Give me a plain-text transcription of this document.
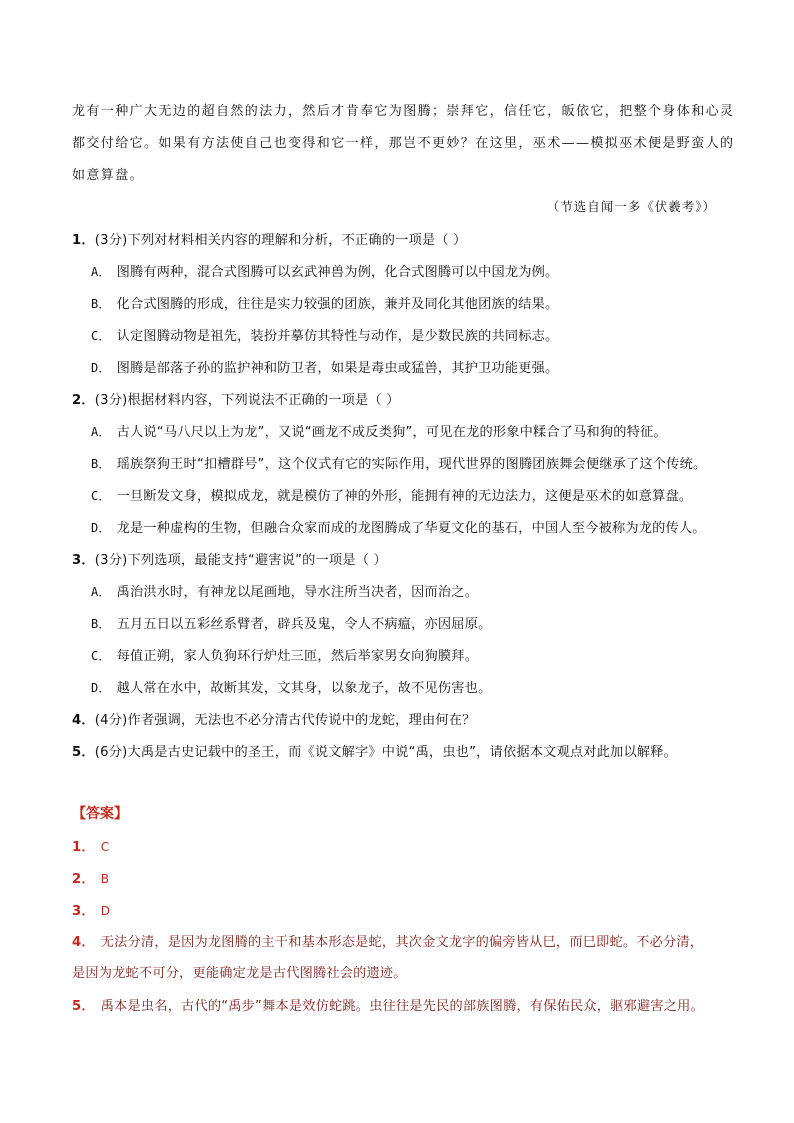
龙有一种广大无边的超自然的法力，然后才肯奉它为图腾；崇拜它，信任它，皈依它，把整个身体和心灵
都交付给它。如果有方法使自己也变得和它一样，那岂不更妙？在这里，巫术——模拟巫术便是野蛮人的
如意算盘。
（节选自闻一多《伏羲考》）
1．(3分)下列对材料相关内容的理解和分析，不正确的一项是（ ）
A． 图腾有两种，混合式图腾可以玄武神兽为例，化合式图腾可以中国龙为例。
B． 化合式图腾的形成，往往是实力较强的团族，兼并及同化其他团族的结果。
C． 认定图腾动物是祖先，装扮并摹仿其特性与动作，是少数民族的共同标志。
D． 图腾是部落子孙的监护神和防卫者，如果是毒虫或猛兽，其护卫功能更强。
2．(3分)根据材料内容，下列说法不正确的一项是（ ）
A． 古人说“马八尺以上为龙”，又说“画龙不成反类狗”，可见在龙的形象中糅合了马和狗的特征。
B． 瑶族祭狗王时“扣槽群号”，这个仪式有它的实际作用，现代世界的图腾团族舞会便继承了这个传统。
C． 一旦断发文身，模拟成龙，就是模仿了神的外形，能拥有神的无边法力，这便是巫术的如意算盘。
D． 龙是一种虚构的生物，但融合众家而成的龙图腾成了华夏文化的基石，中国人至今被称为龙的传人。
3．(3分)下列选项，最能支持“避害说”的一项是（ ）
A． 禹治洪水时，有神龙以尾画地，导水注所当决者，因而治之。
B． 五月五日以五彩丝系臂者，辟兵及鬼，令人不病瘟，亦因屈原。
C． 每值正朔，家人负狗环行炉灶三匝，然后举家男女向狗膜拜。
D． 越人常在水中，故断其发，文其身，以象龙子，故不见伤害也。
4．(4分)作者强调，无法也不必分清古代传说中的龙蛇，理由何在？
5．(6分)大禹是古史记载中的圣王，而《说文解字》中说“禹，虫也”，请依据本文观点对此加以解释。
【答案】
1． C
2． B
3． D
4． 无法分清，是因为龙图腾的主干和基本形态是蛇，其次金文龙字的偏旁皆从巳，而巳即蛇。不必分清，
是因为龙蛇不可分，更能确定龙是古代图腾社会的遗迹。
5． 禹本是虫名，古代的“禹步”舞本是效仿蛇跳。虫往往是先民的部族图腾，有保佑民众，驱邪避害之用。
